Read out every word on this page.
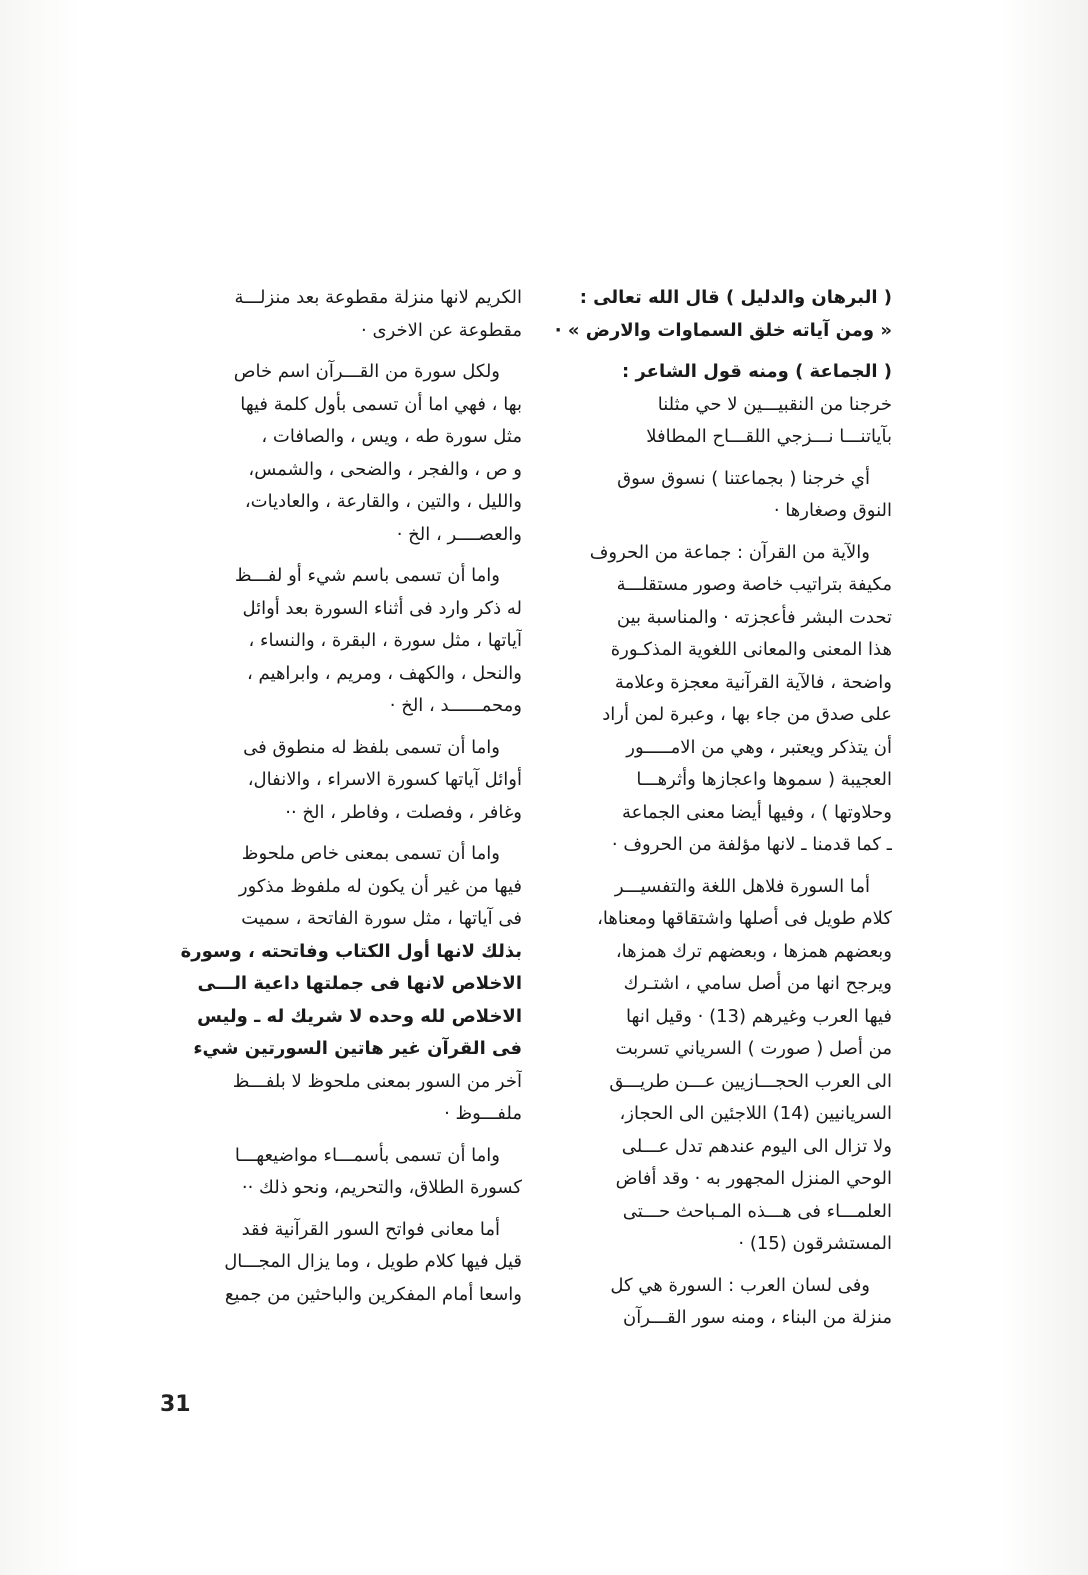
( البرهان والدليل ) قال الله تعالى :
« ومن آياته خلق السماوات والارض » ·

( الجماعة ) ومنه قول الشاعر :
خرجنا من النقبيـــين لا حي مثلنا
بآياتنـــا نـــزجي اللقـــاح المطافلا

أي خرجنا ( بجماعتنا ) نسوق سوق
النوق وصغارها ·

والآية من القرآن : جماعة من الحروف
مكيفة بتراتيب خاصة وصور مستقلـــة
تحدت البشر فأعجزته · والمناسبة بين
هذا المعنى والمعانى اللغوية المذكـورة
واضحة ، فالآية القرآنية معجزة وعلامة
على صدق من جاء بها ، وعبرة لمن أراد
أن يتذكر ويعتبر ، وهي من الامـــــور
العجيبة ( سموها واعجازها وأثرهـــا
وحلاوتها ) ، وفيها أيضا معنى الجماعة
ـ كما قدمنا ـ لانها مؤلفة من الحروف ·

أما السورة فلاهل اللغة والتفسيـــر
كلام طويل فى أصلها واشتقاقها ومعناها،
وبعضهم همزها ، وبعضهم ترك همزها،
ويرجح انها من أصل سامي ، اشتـرك
فيها العرب وغيرهم (13) · وقيل انها
من أصل ( صورت ) السرياني تسربت
الى العرب الحجـــازيين عـــن طريـــق
السريانيين (14) اللاجئين الى الحجاز،
ولا تزال الى اليوم عندهم تدل عـــلى
الوحي المنزل المجهور به · وقد أفاض
العلمـــاء فى هـــذه المـباحث حـــتى
المستشرقون (15) ·

وفى لسان العرب : السورة هي كل
منزلة من البناء ، ومنه سور القـــرآن

الكريم لانها منزلة مقطوعة بعد منزلـــة
مقطوعة عن الاخرى ·

ولكل سورة من القـــرآن اسم خاص
بها ، فهي اما أن تسمى بأول كلمة فيها
مثل سورة طه ، ويس ، والصافات ،
و ص ، والفجر ، والضحى ، والشمس،
والليل ، والتين ، والقارعة ، والعاديات،
والعصــــر ، الخ ·

واما أن تسمى باسم شيء أو لفـــظ
له ذكر وارد فى أثناء السورة بعد أوائل
آياتها ، مثل سورة ، البقرة ، والنساء ،
والنحل ، والكهف ، ومريم ، وابراهيم ،
ومحمــــــد ، الخ ·

واما أن تسمى بلفظ له منطوق فى
أوائل آياتها كسورة الاسراء ، والانفال،
وغافر ، وفصلت ، وفاطر ، الخ ··

واما أن تسمى بمعنى خاص ملحوظ
فيها من غير أن يكون له ملفوظ مذكور
فى آياتها ، مثل سورة الفاتحة ، سميت
بذلك لانها أول الكتاب وفاتحته ، وسورة
الاخلاص لانها فى جملتها داعية الـــى
الاخلاص لله وحده لا شريك له ـ وليس
فى القرآن غير هاتين السورتين شيء
آخر من السور بمعنى ملحوظ لا بلفـــظ
ملفـــوظ ·

واما أن تسمى بأسمـــاء مواضيعهـــا
كسورة الطلاق، والتحريم، ونحو ذلك ··

أما معانى فواتح السور القرآنية فقد
قيل فيها كلام طويل ، وما يزال المجـــال
واسعا أمام المفكرين والباحثين من جميع

31
